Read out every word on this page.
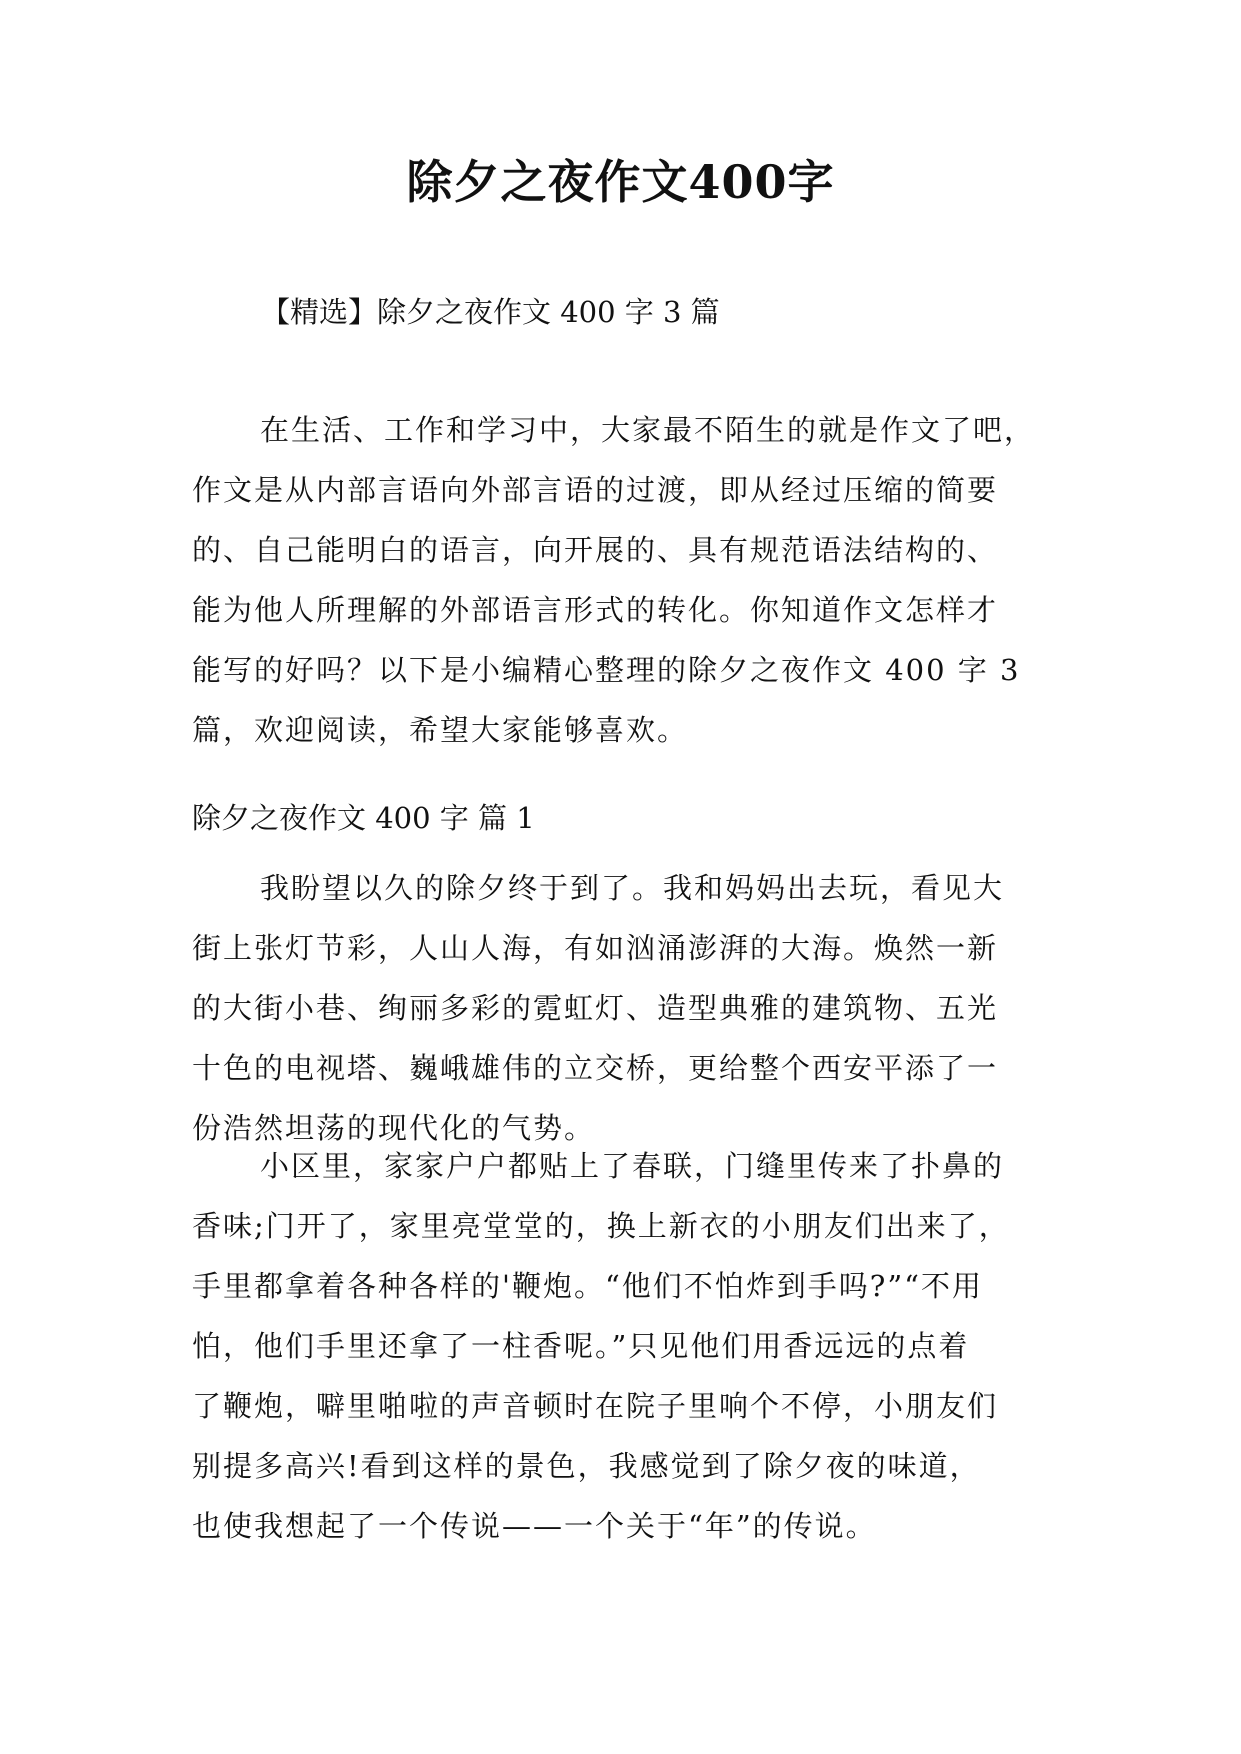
除夕之夜作文400字
【精选】除夕之夜作文 400 字 3 篇
在生活、工作和学习中，大家最不陌生的就是作文了吧，
作文是从内部言语向外部言语的过渡，即从经过压缩的简要
的、自己能明白的语言，向开展的、具有规范语法结构的、
能为他人所理解的外部语言形式的转化。你知道作文怎样才
能写的好吗？以下是小编精心整理的除夕之夜作文 400 字 3
篇，欢迎阅读，希望大家能够喜欢。
除夕之夜作文 400 字 篇 1
我盼望以久的除夕终于到了。我和妈妈出去玩，看见大
街上张灯节彩，人山人海，有如汹涌澎湃的大海。焕然一新
的大街小巷、绚丽多彩的霓虹灯、造型典雅的建筑物、五光
十色的电视塔、巍峨雄伟的立交桥，更给整个西安平添了一
份浩然坦荡的现代化的气势。
小区里，家家户户都贴上了春联，门缝里传来了扑鼻的
香味;门开了，家里亮堂堂的，换上新衣的小朋友们出来了，
手里都拿着各种各样的'鞭炮。“他们不怕炸到手吗?”“不用
怕，他们手里还拿了一柱香呢。”只见他们用香远远的点着
了鞭炮，噼里啪啦的声音顿时在院子里响个不停，小朋友们
别提多高兴!看到这样的景色，我感觉到了除夕夜的味道，
也使我想起了一个传说——一个关于“年”的传说。
